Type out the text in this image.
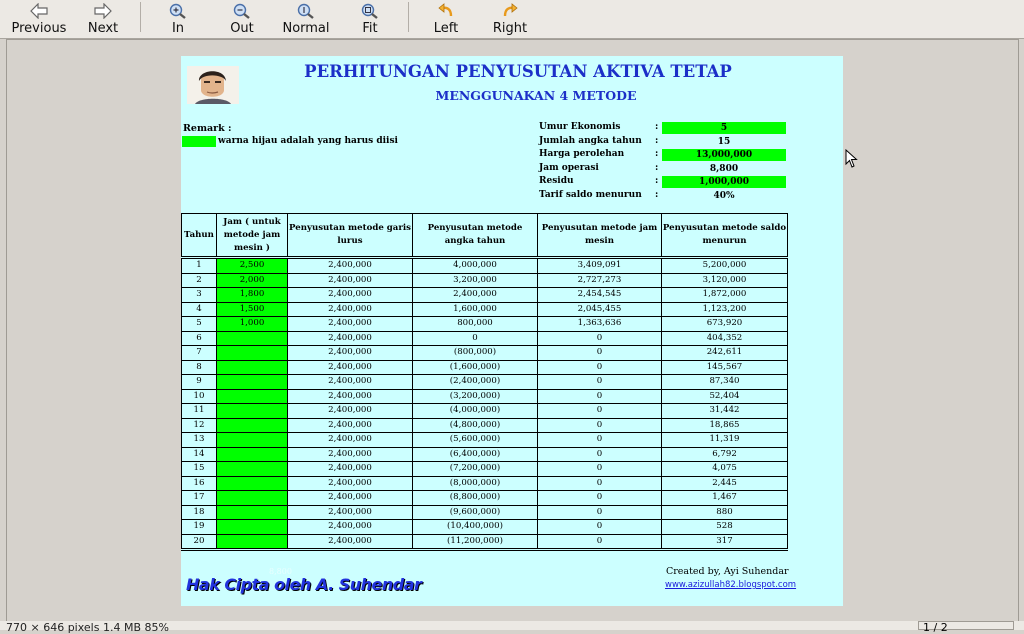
Previous Next	In	Out Normal	Fit	Left	Right
PERHITUNGAN PENYUSUTAN AKTIVA TETAP
MENGGUNAKAN 4 METODE
Remark :
warna hijau adalah yang harus diisi
Umur Ekonomis	:	5
Jumlah angka tahun :	15
Harga perolehan	:	13,000,000
Jam operasi	:	8,800
Residu	:	1,000,000
Tarif saldo menurun :	40%
Tahun	Jam ( untuk metode jam mesin )	Penyusutan metode garis lurus	Penyusutan metode angka tahun	Penyusutan metode jam mesin	Penyusutan metode saldo menurun
1	2,500	2,400,000	4,000,000	3,409,091	5,200,000
2	2,000	2,400,000	3,200,000	2,727,273	3,120,000
3	1,800	2,400,000	2,400,000	2,454,545	1,872,000
4	1,500	2,400,000	1,600,000	2,045,455	1,123,200
5	1,000	2,400,000	800,000	1,363,636	673,920
6		2,400,000	0	0	404,352
7		2,400,000	(800,000)	0	242,611
8		2,400,000	(1,600,000)	0	145,567
9		2,400,000	(2,400,000)	0	87,340
10		2,400,000	(3,200,000)	0	52,404
11		2,400,000	(4,000,000)	0	31,442
12		2,400,000	(4,800,000)	0	18,865
13		2,400,000	(5,600,000)	0	11,319
14		2,400,000	(6,400,000)	0	6,792
15		2,400,000	(7,200,000)	0	4,075
16		2,400,000	(8,000,000)	0	2,445
17		2,400,000	(8,800,000)	0	1,467
18		2,400,000	(9,600,000)	0	880
19		2,400,000	(10,400,000)	0	528
20		2,400,000	(11,200,000)	0	317
8,800
Hak Cipta oleh A. Suhendar
Created by, Ayi Suhendar
www.azizullah82.blogspot.com
770 × 646 pixels 1.4 MB 85%	1 / 2
